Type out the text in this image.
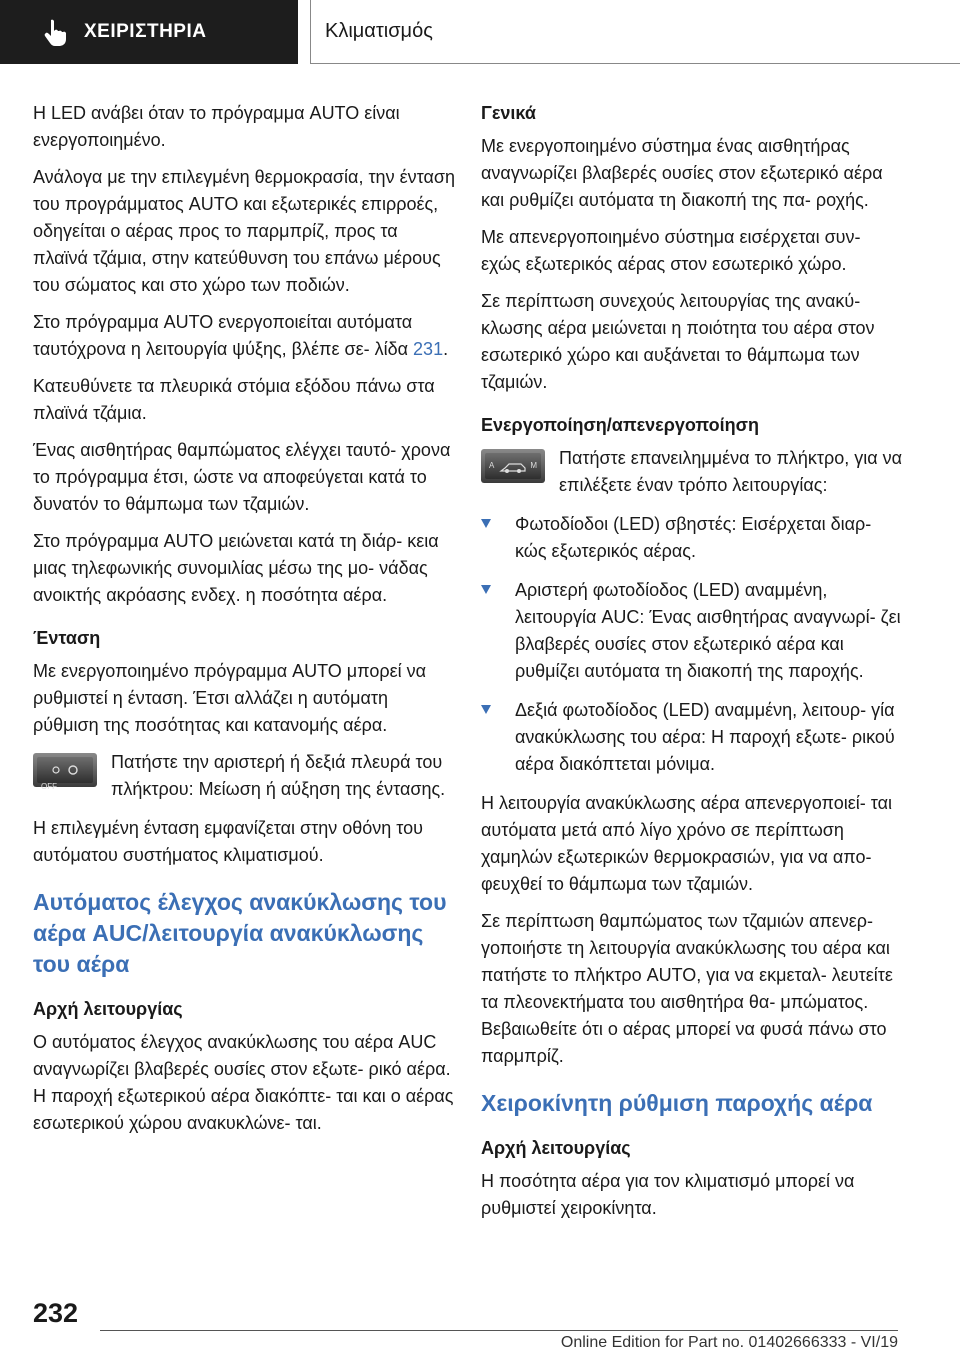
ΧΕΙΡΙΣΤΗΡΙΑ	Κλιματισμός

Η LED ανάβει όταν το πρόγραμμα AUTO είναι ενεργοποιημένο.

Ανάλογα με την επιλεγμένη θερμοκρασία, την ένταση του προγράμματος AUTO και εξωτερικές επιρροές, οδηγείται ο αέρας προς το παρμπρίζ, προς τα πλαϊνά τζάμια, στην κατεύθυνση του επάνω μέρους του σώματος και στο χώρο των ποδιών.

Στο πρόγραμμα AUTO ενεργοποιείται αυτόματα ταυτόχρονα η λειτουργία ψύξης, βλέπε σε‐ λίδα 231.

Κατευθύνετε τα πλευρικά στόμια εξόδου πάνω στα πλαϊνά τζάμια.

Ένας αισθητήρας θαμπώματος ελέγχει ταυτό‐ χρονα το πρόγραμμα έτσι, ώστε να αποφεύγεται κατά το δυνατόν το θάμπωμα των τζαμιών.

Στο πρόγραμμα AUTO μειώνεται κατά τη διάρ‐ κεια μιας τηλεφωνικής συνομιλίας μέσω της μο‐ νάδας ανοικτής ακρόασης ενδεχ. η ποσότητα αέρα.

Ένταση

Με ενεργοποιημένο πρόγραμμα AUTO μπορεί να ρυθμιστεί η ένταση. Έτσι αλλάζει η αυτόματη ρύθμιση της ποσότητας και κατανομής αέρα.

OFF
Πατήστε την αριστερή ή δεξιά πλευρά του πλήκτρου: Μείωση ή αύξηση της έντασης.

Η επιλεγμένη ένταση εμφανίζεται στην οθόνη του αυτόματου συστήματος κλιματισμού.

Αυτόματος έλεγχος ανακύκλωσης του αέρα AUC/λειτουργία ανακύκλωσης του αέρα
Αρχή λειτουργίας

Ο αυτόματος έλεγχος ανακύκλωσης του αέρα AUC αναγνωρίζει βλαβερές ουσίες στον εξωτε‐ ρικό αέρα. Η παροχή εξωτερικού αέρα διακόπτε‐ ται και ο αέρας εσωτερικού χώρου ανακυκλώνε‐ ται.

Γενικά

Με ενεργοποιημένο σύστημα ένας αισθητήρας αναγνωρίζει βλαβερές ουσίες στον εξωτερικό αέρα και ρυθμίζει αυτόματα τη διακοπή της πα‐ ροχής.

Με απενεργοποιημένο σύστημα εισέρχεται συν‐ εχώς εξωτερικός αέρας στον εσωτερικό χώρο.

Σε περίπτωση συνεχούς λειτουργίας της ανακύ‐ κλωσης αέρα μειώνεται η ποιότητα του αέρα στον εσωτερικό χώρο και αυξάνεται το θάμπωμα των τζαμιών.

Ενεργοποίηση/απενεργοποίηση
A	M Πατήστε επανειλημμένα το πλήκτρο, για να επιλέξετε έναν τρόπο λειτουργίας:
Φωτοδίοδοι (LED) σβηστές: Εισέρχεται διαρ‐ κώς εξωτερικός αέρας.
Αριστερή φωτοδίοδος (LED) αναμμένη, λειτουργία AUC: Ένας αισθητήρας αναγνωρί‐ ζει βλαβερές ουσίες στον εξωτερικό αέρα και ρυθμίζει αυτόματα τη διακοπή της παροχής.
Δεξιά φωτοδίοδος (LED) αναμμένη, λειτουρ‐ γία ανακύκλωσης του αέρα: Η παροχή εξωτε‐ ρικού αέρα διακόπτεται μόνιμα.

Η λειτουργία ανακύκλωσης αέρα απενεργοποιεί‐ ται αυτόματα μετά από λίγο χρόνο σε περίπτωση χαμηλών εξωτερικών θερμοκρασιών, για να απο‐ φευχθεί το θάμπωμα των τζαμιών.

Σε περίπτωση θαμπώματος των τζαμιών απενερ‐ γοποιήστε τη λειτουργία ανακύκλωσης του αέρα και πατήστε το πλήκτρο AUTO, για να εκμεταλ‐ λευτείτε τα πλεονεκτήματα του αισθητήρα θα‐ μπώματος. Βεβαιωθείτε ότι ο αέρας μπορεί να φυσά πάνω στο παρμπρίζ.

Χειροκίνητη ρύθμιση παροχής αέρα
Αρχή λειτουργίας

Η ποσότητα αέρα για τον κλιματισμό μπορεί να ρυθμιστεί χειροκίνητα.

232
Online Edition for Part no. 01402666333 - VI/19
